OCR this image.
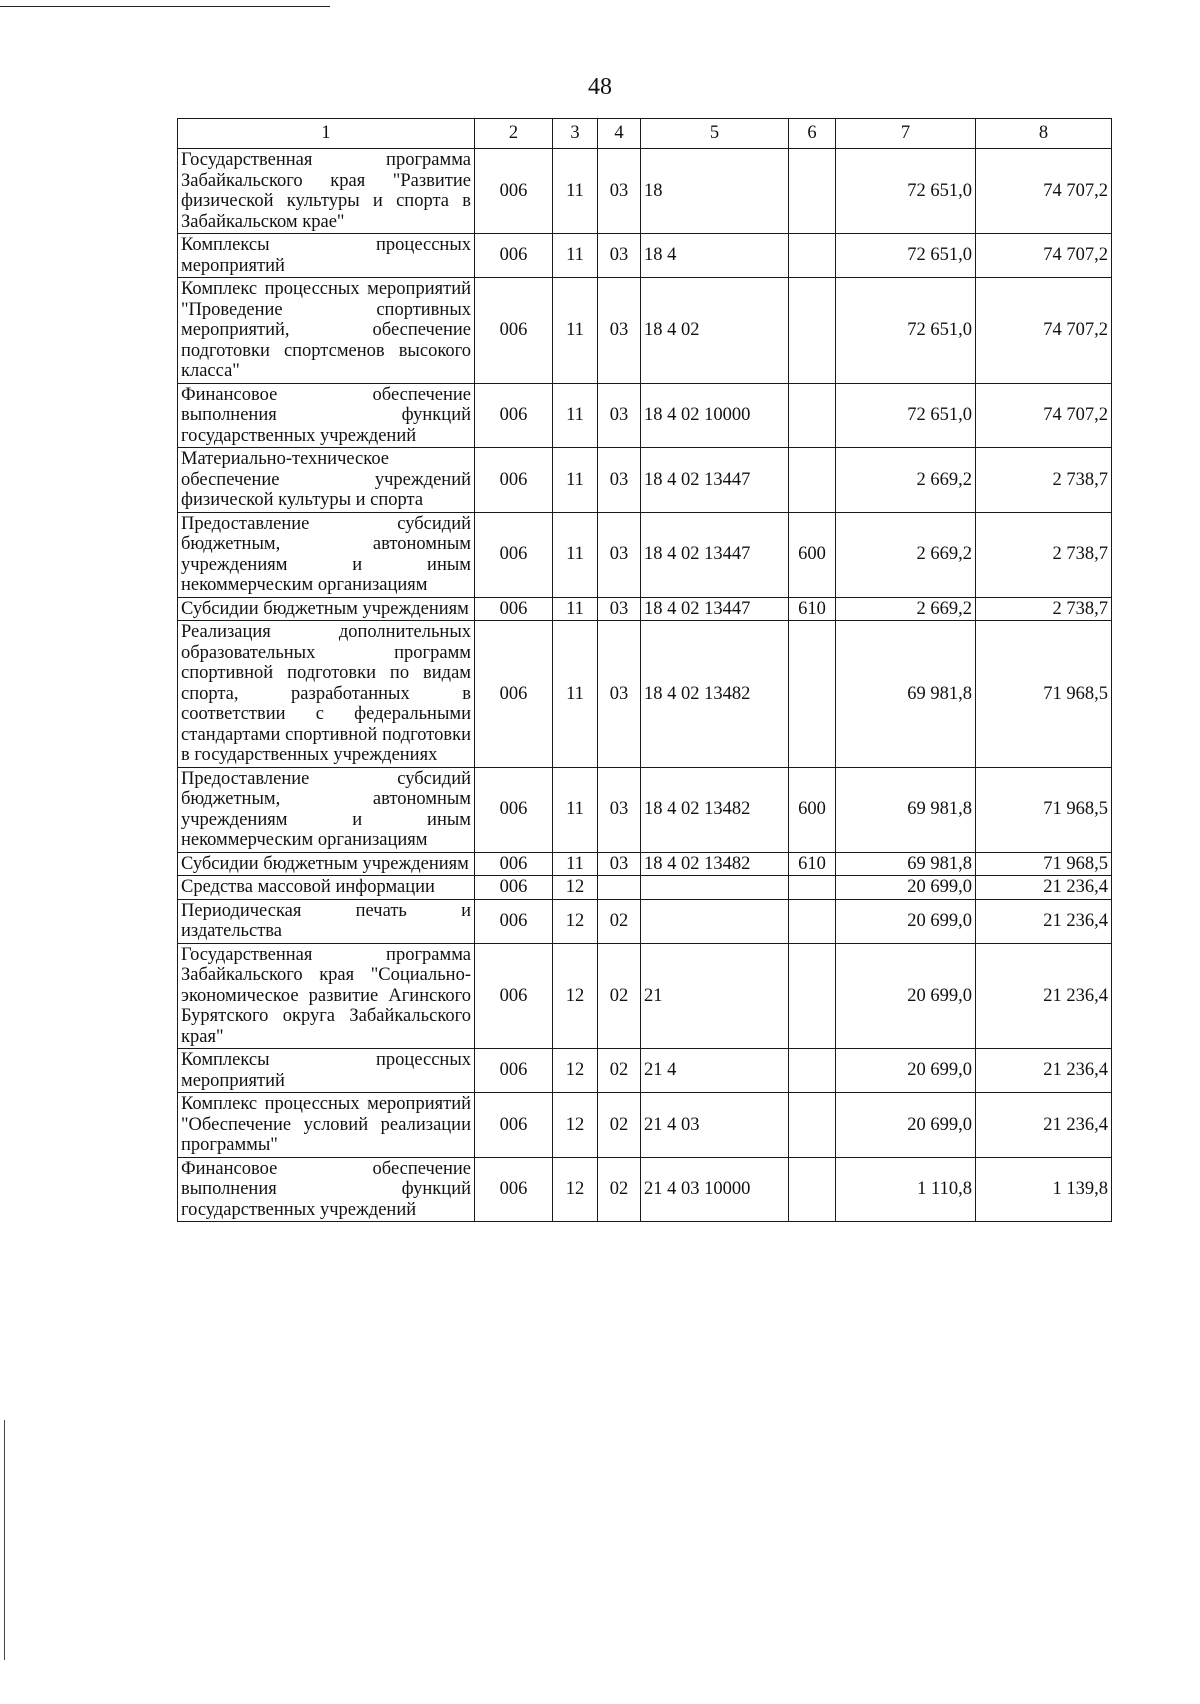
48
1	2	3	4	5	6	7	8
Государственная программа Забайкальского края "Развитие физической культуры и спорта в Забайкальском крае"	006	11	03	18		72 651,0	74 707,2
Комплексы процессных мероприятий	006	11	03	18 4		72 651,0	74 707,2
Комплекс процессных мероприятий "Проведение спортивных мероприятий, обеспечение подготовки спортсменов высокого класса"	006	11	03	18 4 02		72 651,0	74 707,2
Финансовое обеспечение выполнения функций государственных учреждений	006	11	03	18 4 02 10000		72 651,0	74 707,2
Материально-техническое обеспечение учреждений физической культуры и спорта	006	11	03	18 4 02 13447		2 669,2	2 738,7
Предоставление субсидий бюджетным, автономным учреждениям и иным некоммерческим организациям	006	11	03	18 4 02 13447	600	2 669,2	2 738,7
Субсидии бюджетным учреждениям	006	11	03	18 4 02 13447	610	2 669,2	2 738,7
Реализация дополнительных образовательных программ спортивной подготовки по видам спорта, разработанных в соответствии с федеральными стандартами спортивной подготовки в государственных учреждениях	006	11	03	18 4 02 13482		69 981,8	71 968,5
Предоставление субсидий бюджетным, автономным учреждениям и иным некоммерческим организациям	006	11	03	18 4 02 13482	600	69 981,8	71 968,5
Субсидии бюджетным учреждениям	006	11	03	18 4 02 13482	610	69 981,8	71 968,5
Средства массовой информации	006	12				20 699,0	21 236,4
Периодическая печать и издательства	006	12	02			20 699,0	21 236,4
Государственная программа Забайкальского края "Социально-экономическое развитие Агинского Бурятского округа Забайкальского края"	006	12	02	21		20 699,0	21 236,4
Комплексы процессных мероприятий	006	12	02	21 4		20 699,0	21 236,4
Комплекс процессных мероприятий "Обеспечение условий реализации программы"	006	12	02	21 4 03		20 699,0	21 236,4
Финансовое обеспечение выполнения функций государственных учреждений	006	12	02	21 4 03 10000		1 110,8	1 139,8
